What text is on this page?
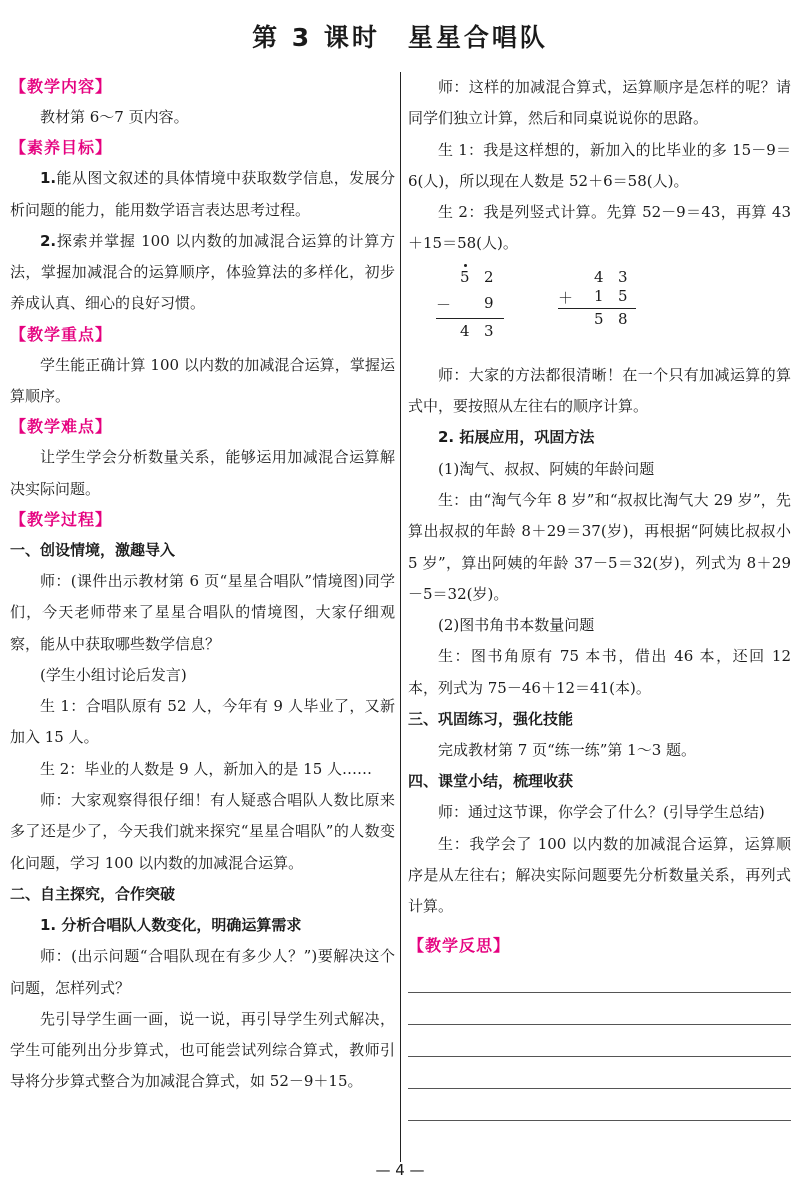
第 3 课时　星星合唱队
【教学内容】

教材第 6～7 页内容。

【素养目标】

1.能从图文叙述的具体情境中获取数学信息，发展分析问题的能力，能用数学语言表达思考过程。

2.探索并掌握 100 以内数的加减混合运算的计算方法，掌握加减混合的运算顺序，体验算法的多样化，初步养成认真、细心的良好习惯。

【教学重点】

学生能正确计算 100 以内数的加减混合运算，掌握运算顺序。

【教学难点】

让学生学会分析数量关系，能够运用加减混合运算解决实际问题。

【教学过程】
一、创设情境，激趣导入

师：(课件出示教材第 6 页“星星合唱队”情境图)同学们，今天老师带来了星星合唱队的情境图，大家仔细观察，能从中获取哪些数学信息？

(学生小组讨论后发言)

生 1：合唱队原有 52 人，今年有 9 人毕业了，又新加入 15 人。

生 2：毕业的人数是 9 人，新加入的是 15 人……

师：大家观察得很仔细！有人疑惑合唱队人数比原来多了还是少了，今天我们就来探究“星星合唱队”的人数变化问题，学习 100 以内数的加减混合运算。

二、自主探究，合作突破

1. 分析合唱队人数变化，明确运算需求

师：(出示问题“合唱队现在有多少人？”)要解决这个问题，怎样列式？

先引导学生画一画，说一说，再引导学生列式解决，学生可能列出分步算式，也可能尝试列综合算式，教师引导将分步算式整合为加减混合算式，如 52－9＋15。

师：这样的加减混合算式，运算顺序是怎样的呢？请同学们独立计算，然后和同桌说说你的思路。

生 1：我是这样想的，新加入的比毕业的多 15－9＝6(人)，所以现在人数是 52＋6＝58(人)。

生 2：我是列竖式计算。先算 52－9＝43，再算 43＋15＝58(人)。

5 2
－ 9
4 3
4 3
＋ 1 5
5 8

师：大家的方法都很清晰！在一个只有加减运算的算式中，要按照从左往右的顺序计算。

2. 拓展应用，巩固方法

(1)淘气、叔叔、阿姨的年龄问题

生：由“淘气今年 8 岁”和“叔叔比淘气大 29 岁”，先算出叔叔的年龄 8＋29＝37(岁)，再根据“阿姨比叔叔小 5 岁”，算出阿姨的年龄 37－5＝32(岁)，列式为 8＋29－5＝32(岁)。

(2)图书角书本数量问题

生：图书角原有 75 本书，借出 46 本，还回 12 本，列式为 75－46＋12＝41(本)。

三、巩固练习，强化技能

完成教材第 7 页“练一练”第 1～3 题。

四、课堂小结，梳理收获

师：通过这节课，你学会了什么？(引导学生总结)

生：我学会了 100 以内数的加减混合运算，运算顺序是从左往右；解决实际问题要先分析数量关系，再列式计算。

【教学反思】
— 4 —
